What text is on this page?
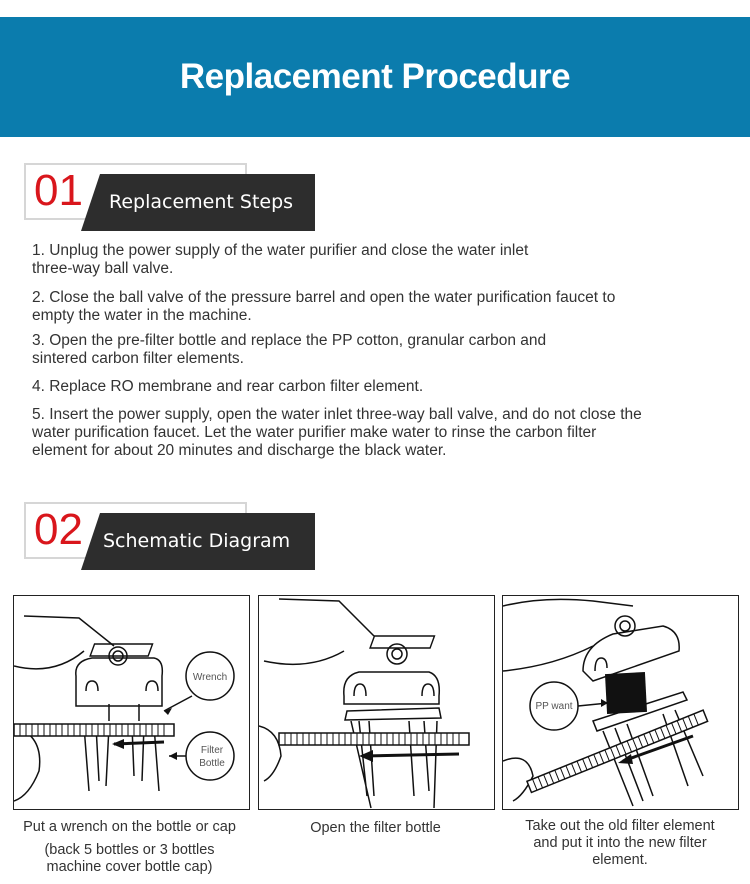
Replacement Procedure
01 Replacement Steps

1. Unplug the power supply of the water purifier and close the water inlet three-way ball valve.

2. Close the ball valve of the pressure barrel and open the water purification faucet to empty the water in the machine.

3. Open the pre-filter bottle and replace the PP cotton, granular carbon and sintered carbon filter elements.

4. Replace RO membrane and rear carbon filter element.

5. Insert the power supply, open the water inlet three-way ball valve, and do not close the water purification faucet. Let the water purifier make water to rinse the carbon filter element for about 20 minutes and discharge the black water.

02 Schematic Diagram
Wrench
Filter
Bottle
PP want
Put a wrench on the bottle or cap
(back 5 bottles or 3 bottles
machine cover bottle cap)
Open the filter bottle	Take out the old filter element
and put it into the new filter
element.
